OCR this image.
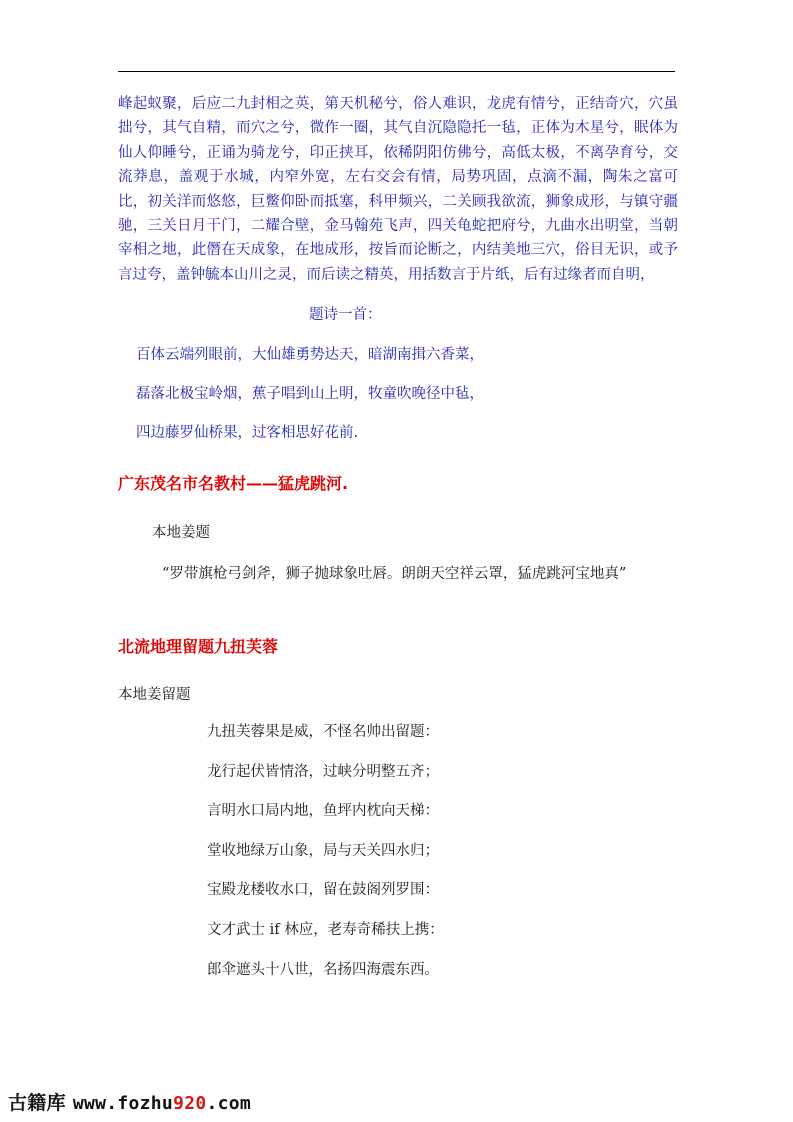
峰起蚁聚，后应二九封相之英，第天机秘兮，俗人难识，龙虎有情兮，正结奇穴，穴虽拙兮，其气自精，而穴之兮，微作一圈，其气自沉隐隐托一毡，正体为木星兮，眠体为仙人仰睡兮，正诵为骑龙兮，印正挟耳，依稀阴阳仿佛兮，高低太极，不离孕育兮，交流莽息，盖观于水城，内窄外宽，左右交会有情，局势巩固，点滴不漏，陶朱之富可比，初关洋而悠悠，巨鳖仰卧而抵塞，科甲频兴，二关顾我欲流，狮象成形，与镇守疆驰，三关日月干门，二耀合壁，金马翰苑飞声，四关龟蛇把府兮，九曲水出明堂，当朝宰相之地，此僭在天成象，在地成形，按旨而论断之，内结美地三穴，俗目无识，或予言过夸，盖钟毓本山川之灵，而后读之精英，用括数言于片纸，后有过缘者而自明，

题诗一首：

百体云端列眼前，大仙雄勇势达天，暗湖南揖六香菜，

磊落北极宝岭烟，蕉子唱到山上明，牧童吹晚径中毡，

四边藤罗仙桥果，过客相思好花前.

广东茂名市名教村——猛虎跳河.

本地姜题

“罗带旗枪弓剑斧，狮子抛球象吐唇。朗朗天空祥云罩，猛虎跳河宝地真”

北流地理留题九扭芙蓉

本地姜留题

九扭芙蓉果是威，不怪名帅出留题：
龙行起伏皆情洛，过峡分明整五齐；
言明水口局内地，鱼坪内枕向天梯：
堂收地绿万山象，局与天关四水归；
宝殿龙楼收水口，留在鼓阁列罗围：
文才武士 if 林应，老寿奇稀扶上携：
郎伞遮头十八世，名扬四海震东西。
古籍库 www.fozhu920.com
